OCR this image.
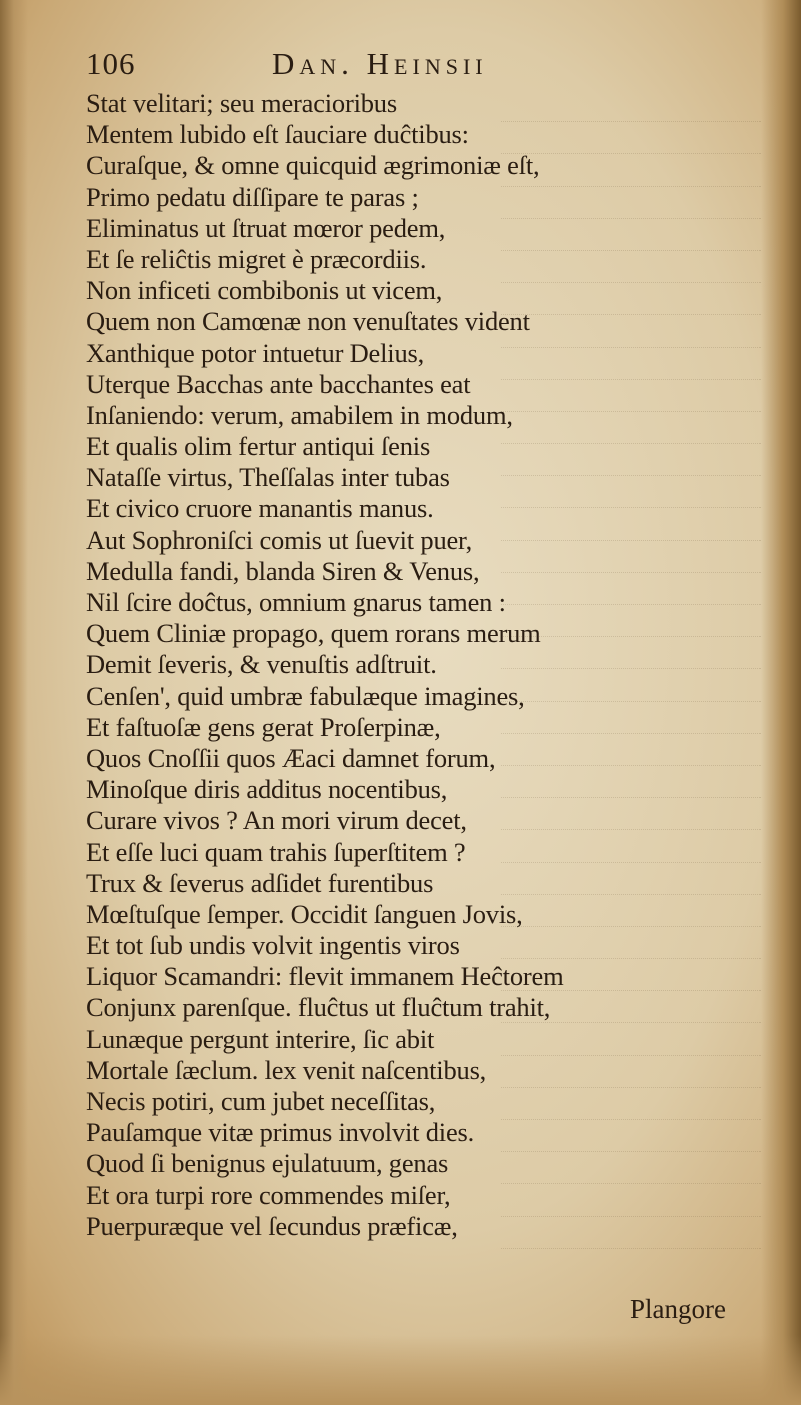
106	Dan. Heinsii
Stat velitari; seu meracioribus
Mentem lubido eſt ſauciare duĉtibus:
Curaſque, & omne quicquid ægrimoniæ eſt,
Primo pedatu diſſipare te paras ;
Eliminatus ut ſtruat mœror pedem,
Et ſe reliĉtis migret è præcordiis.
Non inficeti combibonis ut vicem,
Quem non Camœnæ non venuſtates vident
Xanthique potor intuetur Delius,
Uterque Bacchas ante bacchantes eat
Inſaniendo: verum, amabilem in modum,
Et qualis olim fertur antiqui ſenis
Nataſſe virtus, Theſſalas inter tubas
Et civico cruore manantis manus.
Aut Sophroniſci comis ut ſuevit puer,
Medulla fandi, blanda Siren & Venus,
Nil ſcire doĉtus, omnium gnarus tamen :
Quem Cliniæ propago, quem rorans merum
Demit ſeveris, & venuſtis adſtruit.
Cenſen', quid umbræ fabulæque imagines,
Et faſtuoſæ gens gerat Proſerpinæ,
Quos Cnoſſii quos Æaci damnet forum,
Minoſque diris additus nocentibus,
Curare vivos ? An mori virum decet,
Et eſſe luci quam trahis ſuperſtitem ?
Trux & ſeverus adſidet furentibus
Mœſtuſque ſemper. Occidit ſanguen Jovis,
Et tot ſub undis volvit ingentis viros
Liquor Scamandri: flevit immanem Heĉtorem
Conjunx parenſque. fluĉtus ut fluĉtum trahit,
Lunæque pergunt interire, ſic abit
Mortale ſæclum. lex venit naſcentibus,
Necis potiri, cum jubet neceſſitas,
Pauſamque vitæ primus involvit dies.
Quod ſi benignus ejulatuum, genas
Et ora turpi rore commendes miſer,
Puerpuræque vel ſecundus præficæ,
Plangore
